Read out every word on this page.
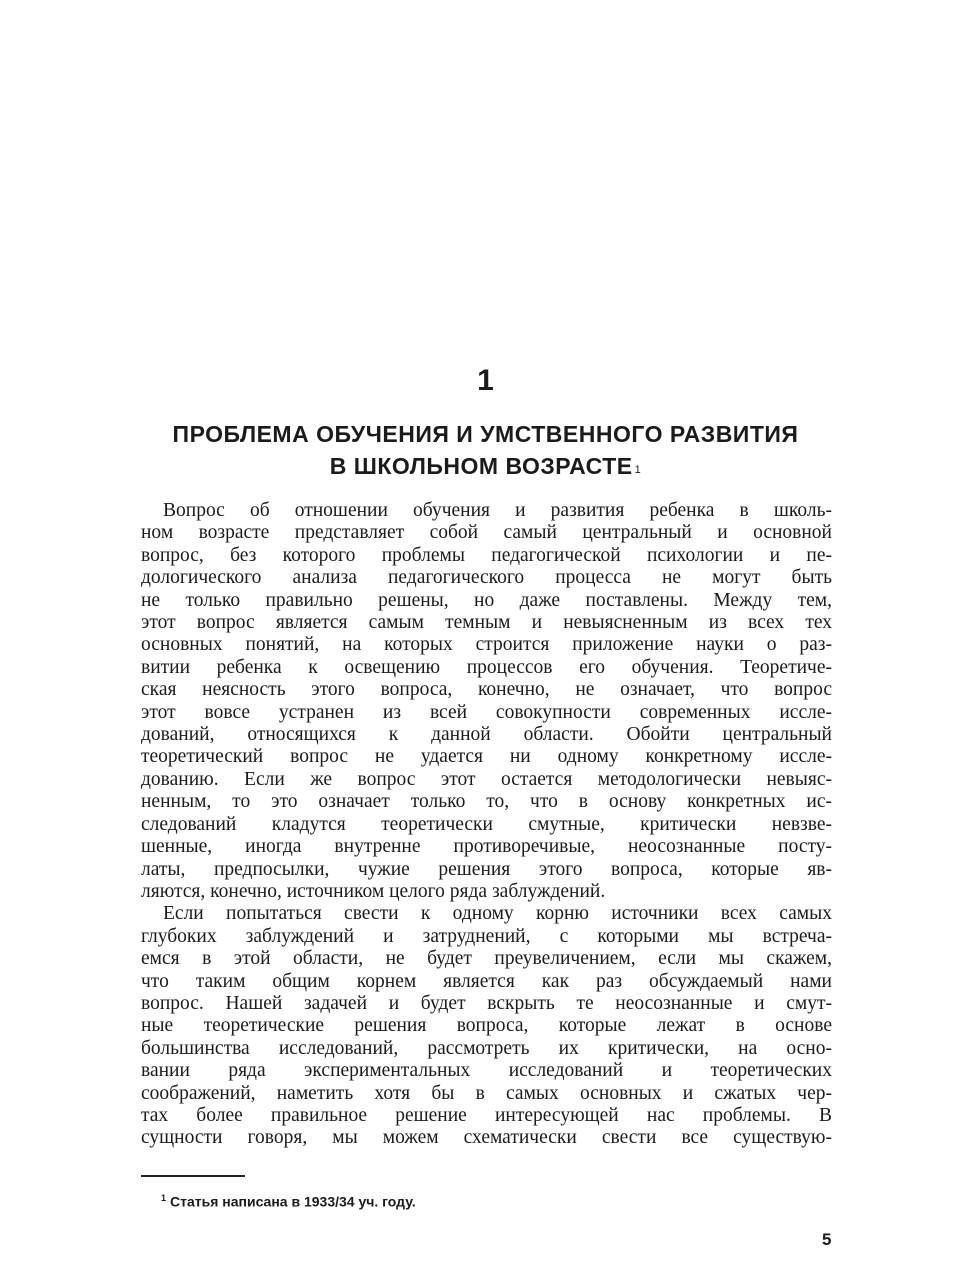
1
ПРОБЛЕМА ОБУЧЕНИЯ И УМСТВЕННОГО РАЗВИТИЯ
В ШКОЛЬНОМ ВОЗРАСТЕ $^1$
Вопрос об отношении обучения и развития ребенка в школь-
ном возрасте представляет собой самый центральный и основной
вопрос, без которого проблемы педагогической психологии и пе-
дологического анализа педагогического процесса не могут быть
не только правильно решены, но даже поставлены. Между тем,
этот вопрос является самым темным и невыясненным из всех тех
основных понятий, на которых строится приложение науки о раз-
витии ребенка к освещению процессов его обучения. Теоретиче-
ская неясность этого вопроса, конечно, не означает, что вопрос
этот вовсе устранен из всей совокупности современных иссле-
дований, относящихся к данной области. Обойти центральный
теоретический вопрос не удается ни одному конкретному иссле-
дованию. Если же вопрос этот остается методологически невыяс-
ненным, то это означает только то, что в основу конкретных ис-
следований кладутся теоретически смутные, критически невзве-
шенные, иногда внутренне противоречивые, неосознанные посту-
латы, предпосылки, чужие решения этого вопроса, которые яв-
ляются, конечно, источником целого ряда заблуждений.
Если попытаться свести к одному корню источники всех самых
глубоких заблуждений и затруднений, с которыми мы встреча-
емся в этой области, не будет преувеличением, если мы скажем,
что таким общим корнем является как раз обсуждаемый нами
вопрос. Нашей задачей и будет вскрыть те неосознанные и смут-
ные теоретические решения вопроса, которые лежат в основе
большинства исследований, рассмотреть их критически, на осно-
вании ряда экспериментальных исследований и теоретических
соображений, наметить хотя бы в самых основных и сжатых чер-
тах более правильное решение интересующей нас проблемы. В
сущности говоря, мы можем схематически свести все существую-
$^1$ Статья написана в 1933/34 уч. году.
5
